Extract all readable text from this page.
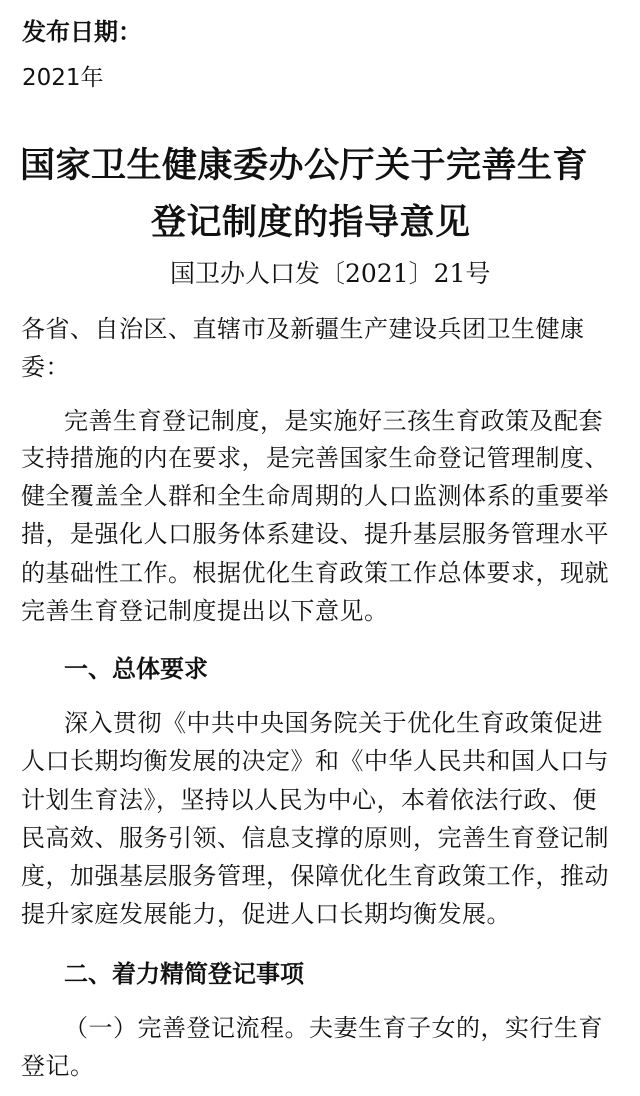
发布日期：
2021年
国家卫生健康委办公厅关于完善生育
登记制度的指导意见
国卫办人口发〔2021〕21号
各省、自治区、直辖市及新疆生产建设兵团卫生健康
委：
完善生育登记制度，是实施好三孩生育政策及配套
支持措施的内在要求，是完善国家生命登记管理制度、
健全覆盖全人群和全生命周期的人口监测体系的重要举
措，是强化人口服务体系建设、提升基层服务管理水平
的基础性工作。根据优化生育政策工作总体要求，现就
完善生育登记制度提出以下意见。
一、总体要求
深入贯彻《中共中央国务院关于优化生育政策促进
人口长期均衡发展的决定》和《中华人民共和国人口与
计划生育法》，坚持以人民为中心，本着依法行政、便
民高效、服务引领、信息支撑的原则，完善生育登记制
度，加强基层服务管理，保障优化生育政策工作，推动
提升家庭发展能力，促进人口长期均衡发展。
二、着力精简登记事项
（一）完善登记流程。夫妻生育子女的，实行生育
登记。
